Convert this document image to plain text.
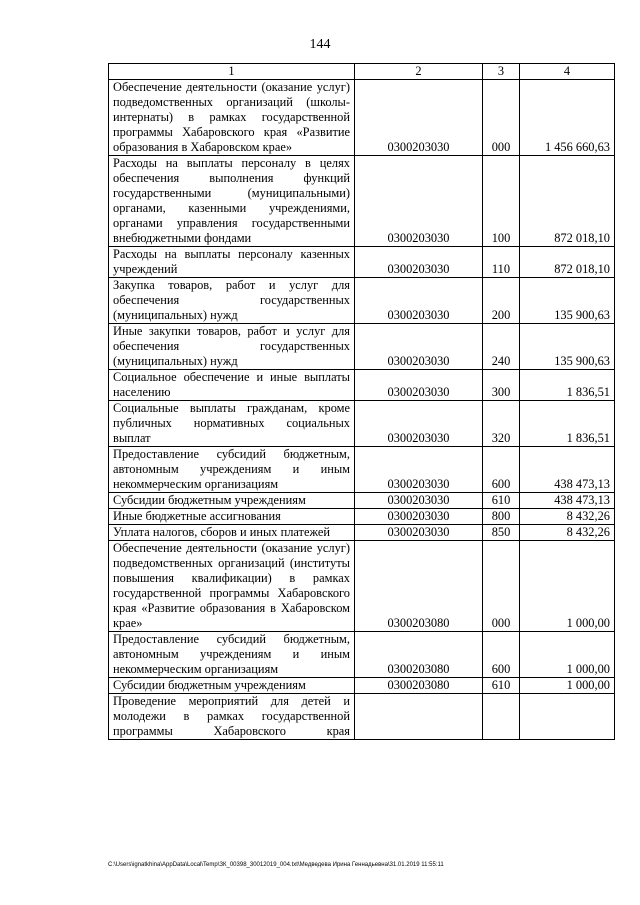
144
1	2	3	4
Обеспечение деятельности (оказание услуг) подведомственных организаций (школы-интернаты) в рамках государственной программы Хабаровского края «Развитие образования в Хабаровском крае»	0300203030	000	1 456 660,63
Расходы на выплаты персоналу в целях обеспечения выполнения функций государственными (муниципальными) органами, казенными учреждениями, органами управления государственными внебюджетными фондами	0300203030	100	872 018,10
Расходы на выплаты персоналу казенных учреждений	0300203030	110	872 018,10
Закупка товаров, работ и услуг для обеспечения государственных (муниципальных) нужд	0300203030	200	135 900,63
Иные закупки товаров, работ и услуг для обеспечения государственных (муниципальных) нужд	0300203030	240	135 900,63
Социальное обеспечение и иные выплаты населению	0300203030	300	1 836,51
Социальные выплаты гражданам, кроме публичных нормативных социальных выплат	0300203030	320	1 836,51
Предоставление субсидий бюджетным, автономным учреждениям и иным некоммерческим организациям	0300203030	600	438 473,13
Субсидии бюджетным учреждениям	0300203030	610	438 473,13
Иные бюджетные ассигнования	0300203030	800	8 432,26
Уплата налогов, сборов и иных платежей	0300203030	850	8 432,26
Обеспечение деятельности (оказание услуг) подведомственных организаций (институты повышения квалификации) в рамках государственной программы Хабаровского края «Развитие образования в Хабаровском крае»	0300203080	000	1 000,00
Предоставление субсидий бюджетным, автономным учреждениям и иным некоммерческим организациям	0300203080	600	1 000,00
Субсидии бюджетным учреждениям	0300203080	610	1 000,00
Проведение мероприятий для детей и молодежи в рамках государственной программы Хабаровского края			
C:\Users\ignatkhina\AppData\Local\Temp\ЗК_00398_30012019_004.txt\Медведева Ирина Геннадьевна\31.01.2019 11:55:11
